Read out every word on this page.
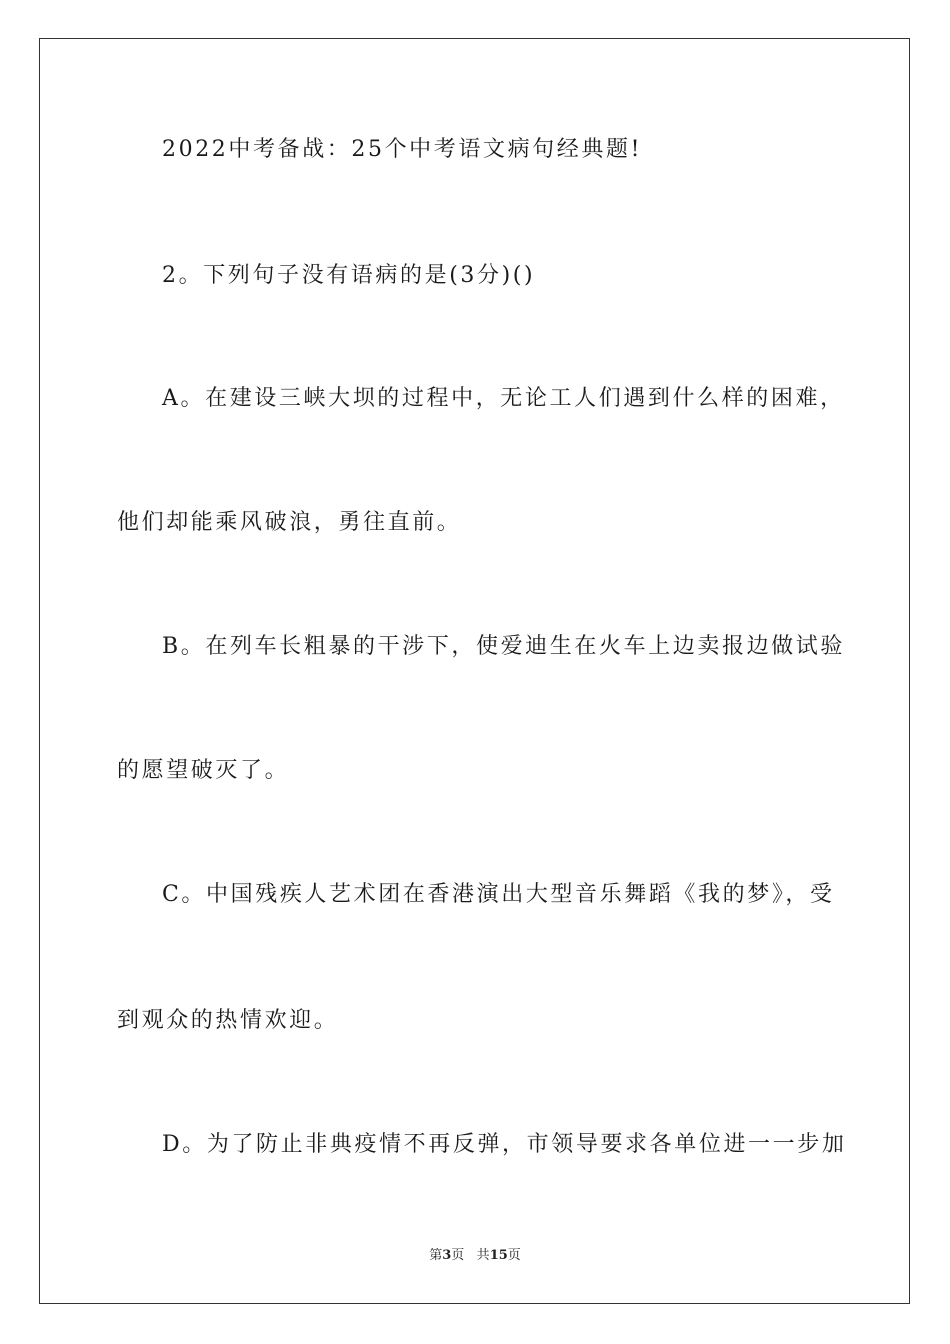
2022中考备战：25个中考语文病句经典题!
2。下列句子没有语病的是(3分)()
A。在建设三峡大坝的过程中，无论工人们遇到什么样的困难，
他们却能乘风破浪，勇往直前。
B。在列车长粗暴的干涉下，使爱迪生在火车上边卖报边做试验
的愿望破灭了。
C。中国残疾人艺术团在香港演出大型音乐舞蹈《我的梦》，受
到观众的热情欢迎。
D。为了防止非典疫情不再反弹，市领导要求各单位进一一步加
第3页 共15页
